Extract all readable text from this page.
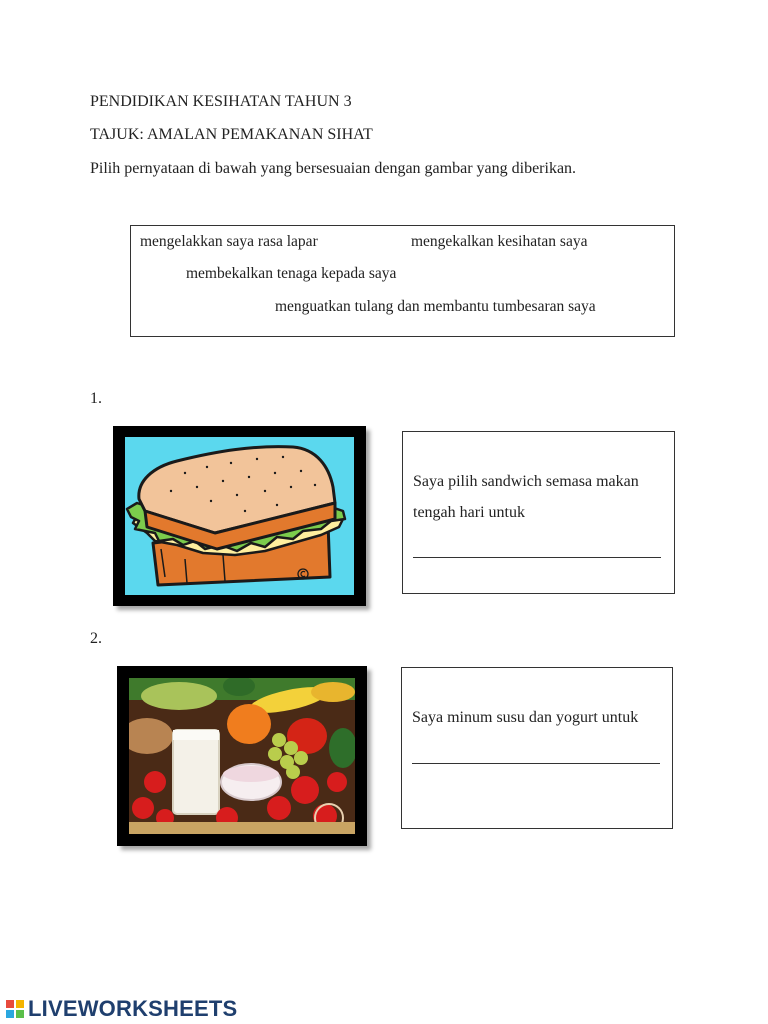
PENDIDIKAN KESIHATAN TAHUN 3
TAJUK: AMALAN PEMAKANAN SIHAT
Pilih pernyataan di bawah yang bersesuaian dengan gambar yang diberikan.
mengelakkan saya rasa lapar	mengekalkan kesihatan saya
membekalkan tenaga kepada saya
menguatkan tulang dan membantu tumbesaran saya
1.
Saya pilih sandwich semasa makan tengah hari untuk
2.
Saya minum susu dan yogurt untuk
LIVEWORKSHEETS
